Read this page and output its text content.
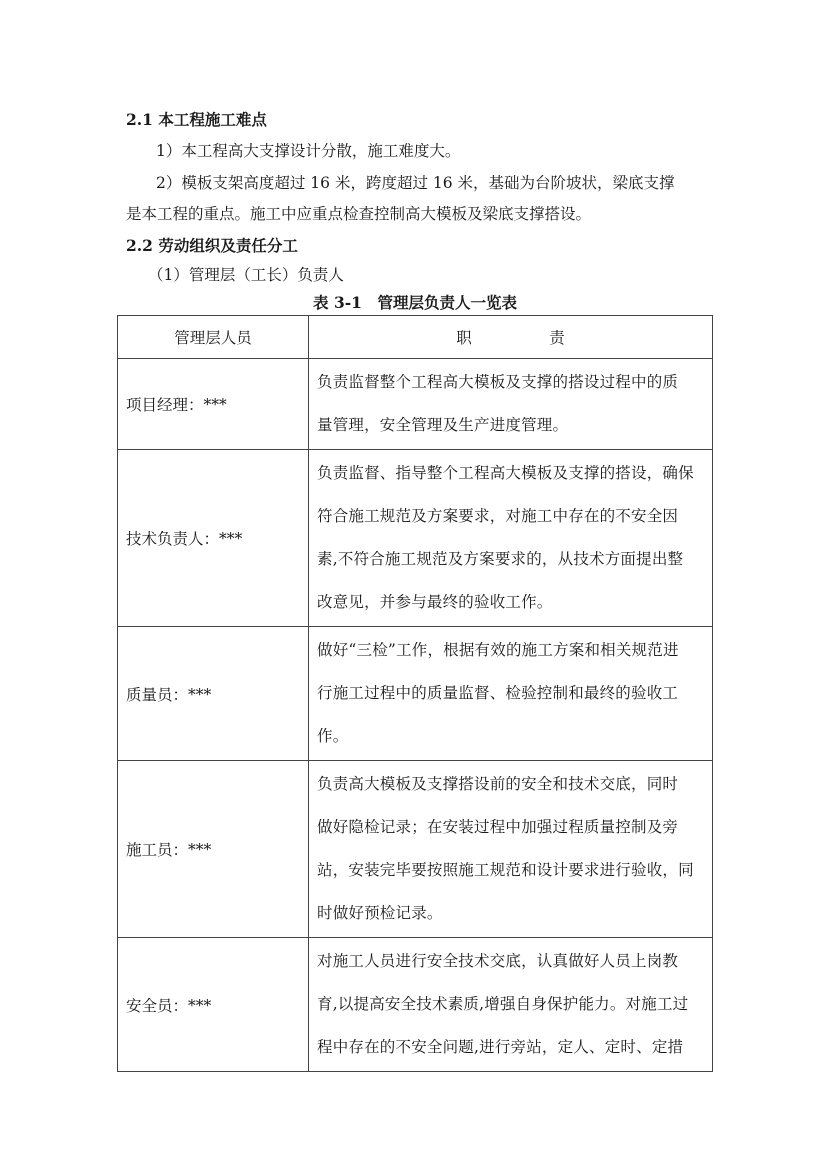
2.1 本工程施工难点
1）本工程高大支撑设计分散，施工难度大。
2）模板支架高度超过 16 米，跨度超过 16 米，基础为台阶坡状，梁底支撑
是本工程的重点。施工中应重点检查控制高大模板及梁底支撑搭设。
2.2 劳动组织及责任分工
（1）管理层（工长）负责人
表 3-1　管理层负责人一览表
管理层人员	职　　　　　责
项目经理：***	负责监督整个工程高大模板及支撑的搭设过程中的质
量管理，安全管理及生产进度管理。

技术负责人：***	负责监督、指导整个工程高大模板及支撑的搭设，确保
符合施工规范及方案要求，对施工中存在的不安全因
素,不符合施工规范及方案要求的，从技术方面提出整
改意见，并参与最终的验收工作。

质量员：***	做好“三检”工作，根据有效的施工方案和相关规范进
行施工过程中的质量监督、检验控制和最终的验收工
作。

施工员：***	负责高大模板及支撑搭设前的安全和技术交底，同时
做好隐检记录；在安装过程中加强过程质量控制及旁
站，安装完毕要按照施工规范和设计要求进行验收，同
时做好预检记录。

安全员：***	对施工人员进行安全技术交底，认真做好人员上岗教
育,以提高安全技术素质,增强自身保护能力。对施工过
程中存在的不安全问题,进行旁站，定人、定时、定措
